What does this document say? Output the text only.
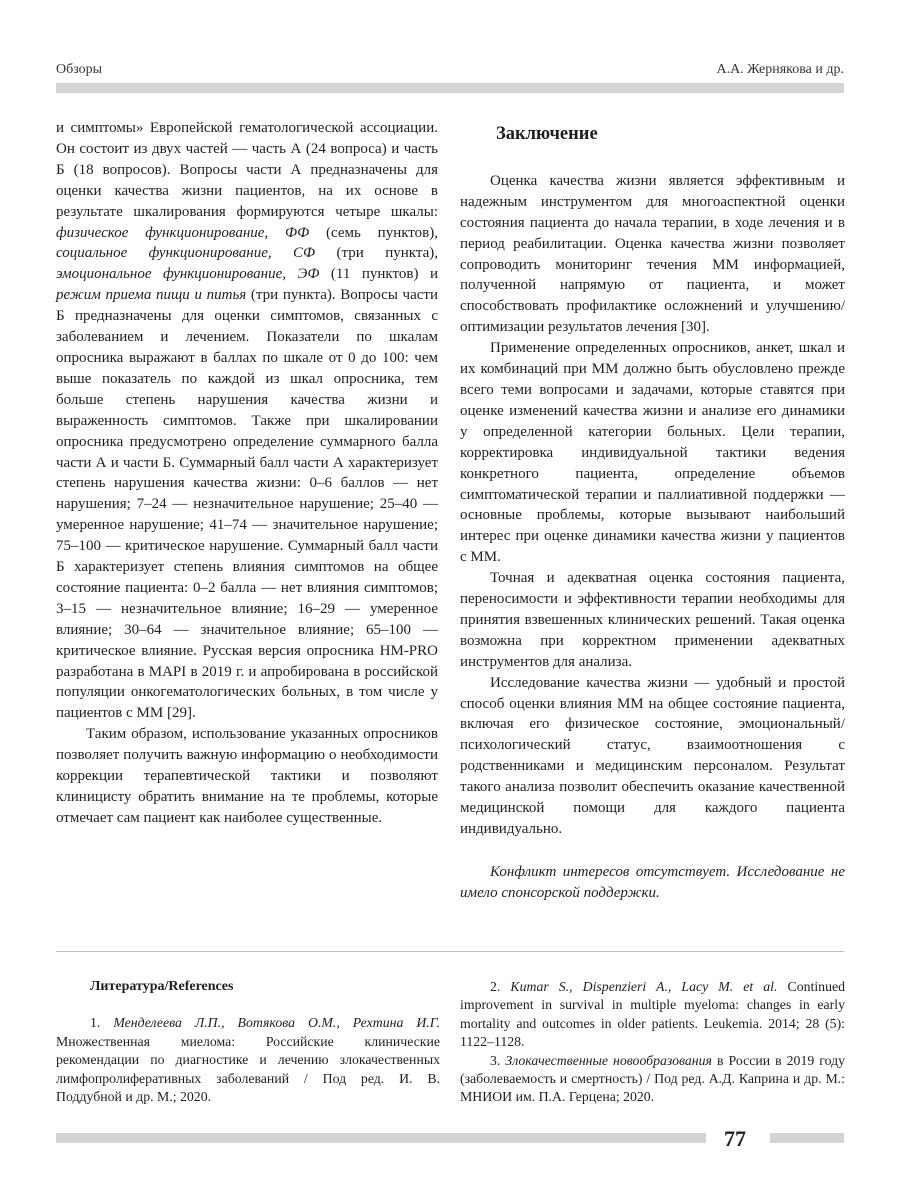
Обзоры	А.А. Жернякова и др.

и симптомы» Европейской гематологической ассоциации. Он состоит из двух частей — часть А (24 вопроса) и часть Б (18 вопросов). Вопросы части А предназначены для оценки качества жизни пациентов, на их основе в результате шкалирования формируются четыре шкалы: физическое функционирование, ФФ (семь пунктов), социальное функционирование, СФ (три пункта), эмоциональное функционирование, ЭФ (11 пунктов) и режим приема пищи и питья (три пункта). Вопросы части Б предназначены для оценки симптомов, связанных с заболеванием и лечением. Показатели по шкалам опросника выражают в баллах по шкале от 0 до 100: чем выше показатель по каждой из шкал опросника, тем больше степень нарушения качества жизни и выраженность симптомов. Также при шкалировании опросника предусмотрено определение суммарного балла части А и части Б. Суммарный балл части А характеризует степень нарушения качества жизни: 0–6 баллов — нет нарушения; 7–24 — незначительное нарушение; 25–40 — умеренное нарушение; 41–74 — значительное нарушение; 75–100 — критическое нарушение. Суммарный балл части Б характеризует степень влияния симптомов на общее состояние пациента: 0–2 балла — нет влияния симптомов; 3–15 — незначительное влияние; 16–29 — умеренное влияние; 30–64 — значительное влияние; 65–100 — критическое влияние. Русская версия опросника HM-PRO разработана в MAPI в 2019 г. и апробирована в российской популяции онкогематологических больных, в том числе у пациентов с ММ [29].

Таким образом, использование указанных опросников позволяет получить важную информацию о необходимости коррекции терапевтической тактики и позволяют клиницисту обратить внимание на те проблемы, которые отмечает сам пациент как наиболее существенные.

Заключение

Оценка качества жизни является эффективным и надежным инструментом для многоаспектной оценки состояния пациента до начала терапии, в ходе лечения и в период реабилитации. Оценка качества жизни позволяет сопроводить мониторинг течения ММ информацией, полученной напрямую от пациента, и может способствовать профилактике осложнений и улучшению/оптимизации результатов лечения [30].

Применение определенных опросников, анкет, шкал и их комбинаций при ММ должно быть обусловлено прежде всего теми вопросами и задачами, которые ставятся при оценке изменений качества жизни и анализе его динамики у определенной категории больных. Цели терапии, корректировка индивидуальной тактики ведения конкретного пациента, определение объемов симптоматической терапии и паллиативной поддержки — основные проблемы, которые вызывают наибольший интерес при оценке динамики качества жизни у пациентов с ММ.

Точная и адекватная оценка состояния пациента, переносимости и эффективности терапии необходимы для принятия взвешенных клинических решений. Такая оценка возможна при корректном применении адекватных инструментов для анализа.

Исследование качества жизни — удобный и простой способ оценки влияния ММ на общее состояние пациента, включая его физическое состояние, эмоциональный/психологический статус, взаимоотношения с родственниками и медицинским персоналом. Результат такого анализа позволит обеспечить оказание качественной медицинской помощи для каждого пациента индивидуально.

Конфликт интересов отсутствует. Исследование не имело спонсорской поддержки.

Литература/References

1. Менделеева Л.П., Вотякова О.М., Рехтина И.Г. Множественная миелома: Российские клинические рекомендации по диагностике и лечению злокачественных лимфопролиферативных заболеваний / Под ред. И. В. Поддубной и др. М.; 2020.

2. Kumar S., Dispenzieri A., Lacy M. et al. Continued improvement in survival in multiple myeloma: changes in early mortality and outcomes in older patients. Leukemia. 2014; 28 (5): 1122–1128.

3. Злокачественные новообразования в России в 2019 году (заболеваемость и смертность) / Под ред. А.Д. Каприна и др. М.: МНИОИ им. П.А. Герцена; 2020.

77
